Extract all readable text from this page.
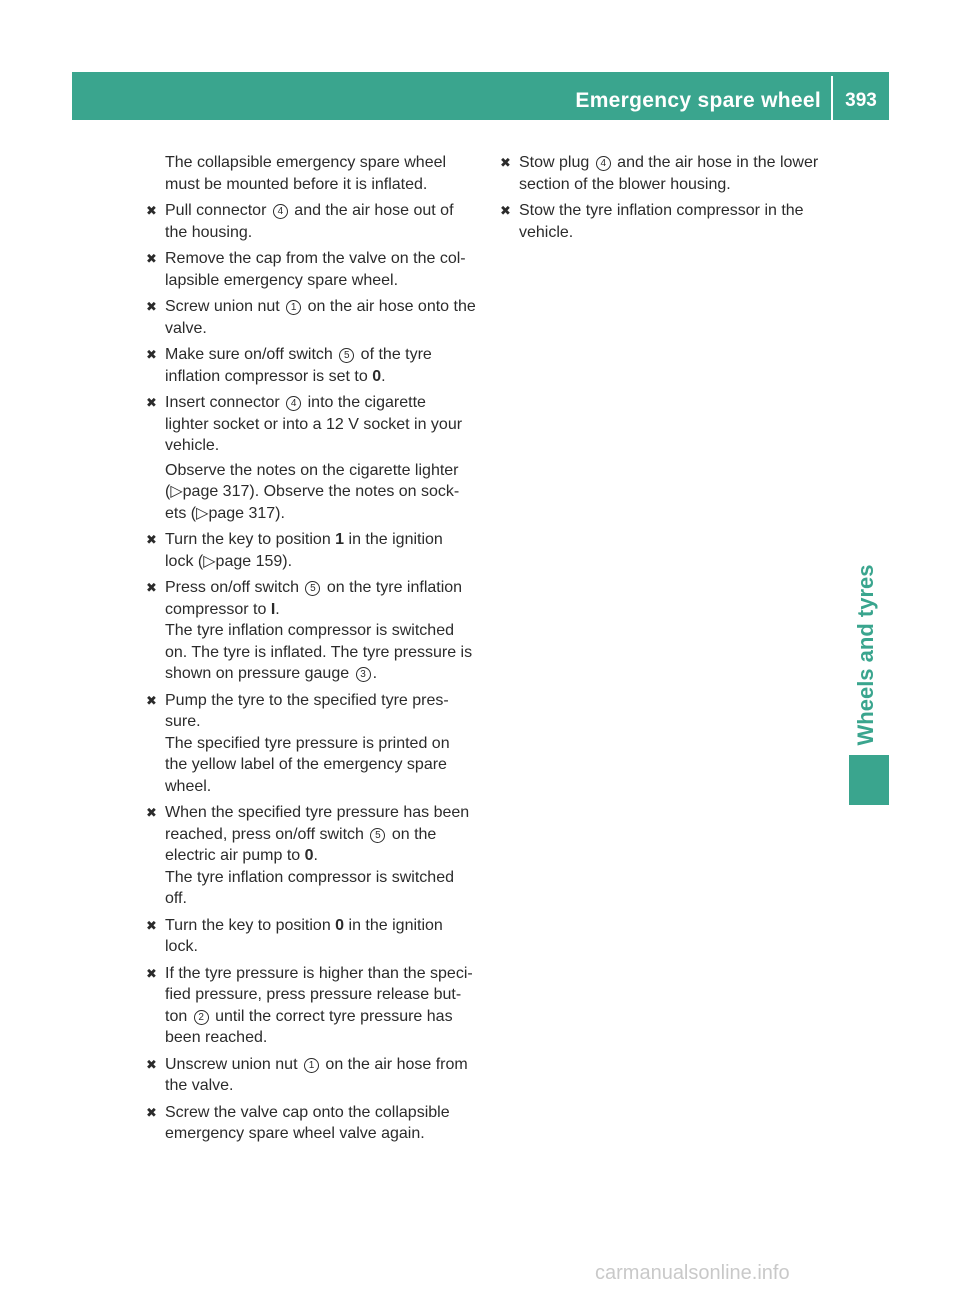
Emergency spare wheel	393
Wheels and tyres
The collapsible emergency spare wheel
must be mounted before it is inflated.
✖ Pull connector 4 and the air hose out of
the housing.
✖ Remove the cap from the valve on the col-
lapsible emergency spare wheel.
✖ Screw union nut 1 on the air hose onto the
valve.
✖ Make sure on/off switch 5 of the tyre
inflation compressor is set to 0.
✖ Insert connector 4 into the cigarette
lighter socket or into a 12 V socket in your
vehicle.
Observe the notes on the cigarette lighter
(▷page 317). Observe the notes on sock-
ets (▷page 317).
✖ Turn the key to position 1 in the ignition
lock (▷page 159).
✖ Press on/off switch 5 on the tyre inflation
compressor to I.
The tyre inflation compressor is switched
on. The tyre is inflated. The tyre pressure is
shown on pressure gauge 3 .
✖ Pump the tyre to the specified tyre pres-
sure.
The specified tyre pressure is printed on
the yellow label of the emergency spare
wheel.
✖ When the specified tyre pressure has been
reached, press on/off switch 5 on the
electric air pump to 0.
The tyre inflation compressor is switched
off.
✖ Turn the key to position 0 in the ignition
lock.
✖ If the tyre pressure is higher than the speci-
fied pressure, press pressure release but-
ton 2 until the correct tyre pressure has
been reached.
✖ Unscrew union nut 1 on the air hose from
the valve.
✖ Screw the valve cap onto the collapsible
emergency spare wheel valve again.
✖ Stow plug 4 and the air hose in the lower
section of the blower housing.
✖ Stow the tyre inflation compressor in the
vehicle.
carmanualsonline.info
